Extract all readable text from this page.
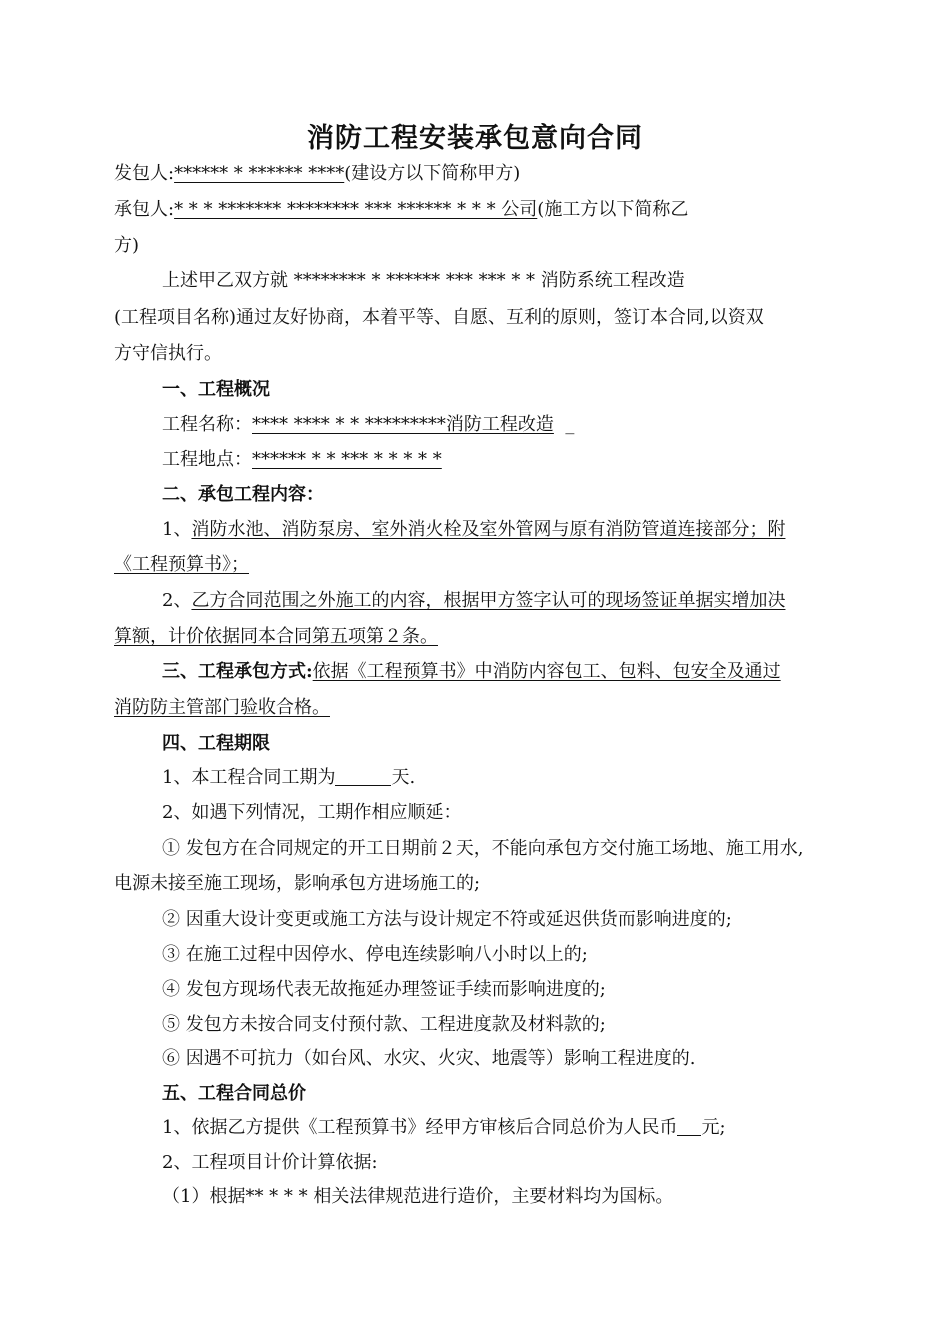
消防工程安装承包意向合同
发包人:****** * ****** ****(建设方以下简称甲方)
承包人:* * * ******* ******** *** ****** * * * 公司(施工方以下简称乙
方)
上述甲乙双方就 ******** * ****** *** *** * * 消防系统工程改造
(工程项目名称)通过友好协商，本着平等、自愿、互利的原则，签订本合同,以资双
方守信执行。
一、工程概况
工程名称：**** **** * * *********消防工程改造 _
工程地点：****** * * *** * * * * *
二、承包工程内容：
1、消防水池、消防泵房、室外消火栓及室外管网与原有消防管道连接部分；附
《工程预算书》；
2、乙方合同范围之外施工的内容，根据甲方签字认可的现场签证单据实增加决
算额，计价依据同本合同第五项第２条。
三、工程承包方式:依据《工程预算书》中消防内容包工、包料、包安全及通过
消防防主管部门验收合格。
四、工程期限
1、本工程合同工期为	天.
2、如遇下列情况，工期作相应顺延：
① 发包方在合同规定的开工日期前２天，不能向承包方交付施工场地、施工用水,
电源未接至施工现场，影响承包方进场施工的;
② 因重大设计变更或施工方法与设计规定不符或延迟供货而影响进度的;
③ 在施工过程中因停水、停电连续影响八小时以上的;
④ 发包方现场代表无故拖延办理签证手续而影响进度的;
⑤ 发包方未按合同支付预付款、工程进度款及材料款的;
⑥ 因遇不可抗力（如台风、水灾、火灾、地震等）影响工程进度的.
五、工程合同总价
1、依据乙方提供《工程预算书》经甲方审核后合同总价为人民币 元;
2、工程项目计价计算依据:
（1）根据** * * * 相关法律规范进行造价，主要材料均为国标。
